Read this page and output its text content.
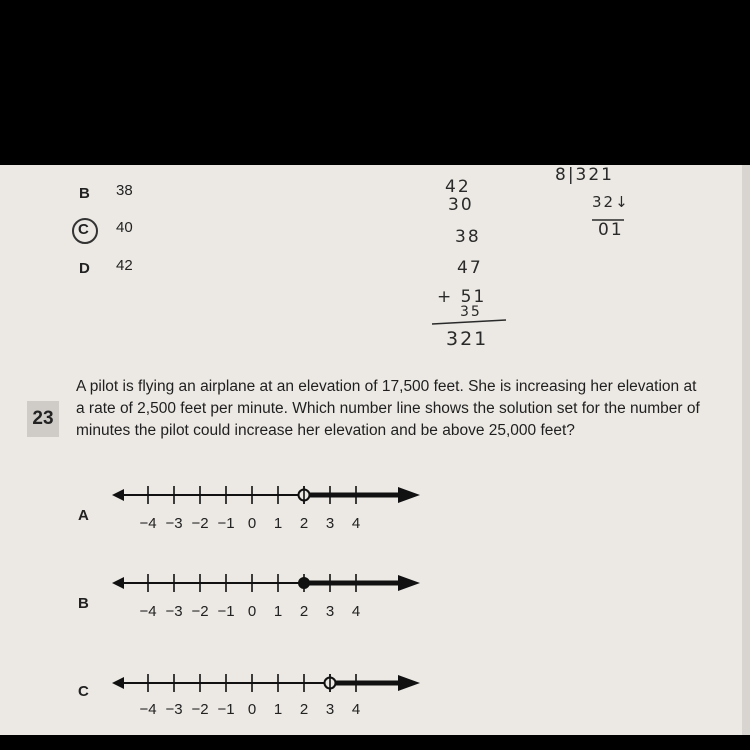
B 38
C 40
D 42
42
30
38
47
+ 51
35
321
8|321
32↓
01
23
A pilot is flying an airplane at an elevation of 17,500 feet. She is increasing her elevation at
a rate of 2,500 feet per minute. Which number line shows the solution set for the number of
minutes the pilot could increase her elevation and be above 25,000 feet?
A	−4 −3 −2 −1 0 1 2 3 4
B	−4 −3 −2 −1 0 1 2 3 4
C
−4 −3 −2 −1 0 1 2 3 4
